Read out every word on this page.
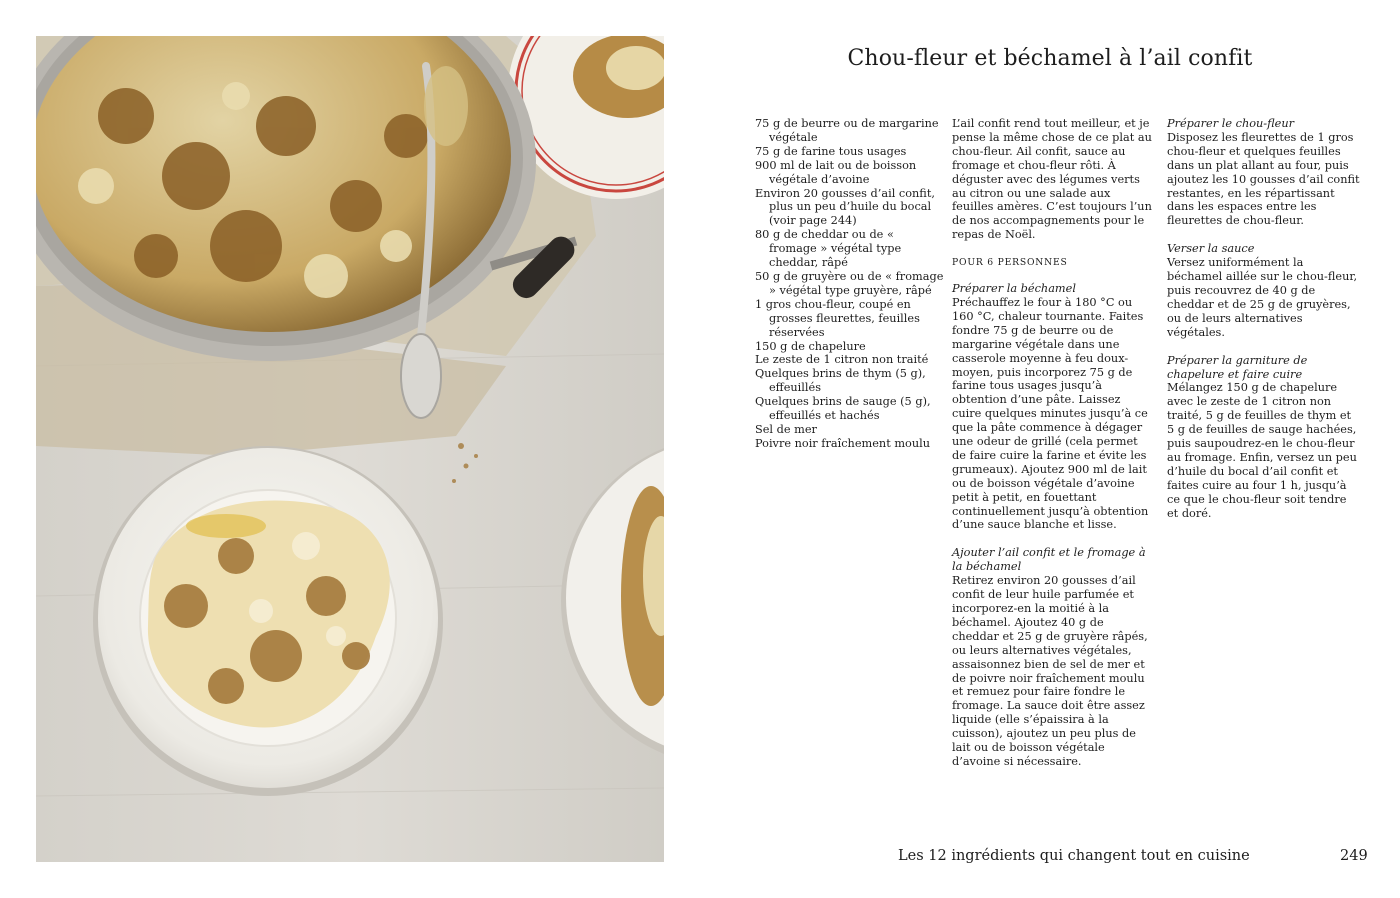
Chou-fleur et béchamel à l’ail confit
75 g de beurre ou de margarine végétale
75 g de farine tous usages
900 ml de lait ou de boisson végétale d’avoine
Environ 20 gousses d’ail confit, plus un peu d’huile du bocal (voir page 244)
80 g de cheddar ou de « fromage » végétal type cheddar, râpé
50 g de gruyère ou de « fromage » végétal type gruyère, râpé
1 gros chou-fleur, coupé en grosses fleurettes, feuilles réservées
150 g de chapelure
Le zeste de 1 citron non traité
Quelques brins de thym (5 g), effeuillés
Quelques brins de sauge (5 g), effeuillés et hachés
Sel de mer
Poivre noir fraîchement moulu

L’ail confit rend tout meilleur, et je pense la même chose de ce plat au chou-fleur. Ail confit, sauce au fromage et chou-fleur rôti. À déguster avec des légumes verts au citron ou une salade aux feuilles amères. C’est toujours l’un de nos accompagnements pour le repas de Noël.

POUR 6 PERSONNES

Préparer la béchamel

Préchauffez le four à 180 °C ou 160 °C, chaleur tournante. Faites fondre 75 g de beurre ou de margarine végétale dans une casserole moyenne à feu doux-moyen, puis incorporez 75 g de farine tous usages jusqu’à obtention d’une pâte. Laissez cuire quelques minutes jusqu’à ce que la pâte commence à dégager une odeur de grillé (cela permet de faire cuire la farine et évite les grumeaux). Ajoutez 900 ml de lait ou de boisson végétale d’avoine petit à petit, en fouettant continuellement jusqu’à obtention d’une sauce blanche et lisse.

Ajouter l’ail confit et le fromage à la béchamel

Retirez environ 20 gousses d’ail confit de leur huile parfumée et incorporez-en la moitié à la béchamel. Ajoutez 40 g de cheddar et 25 g de gruyère râpés, ou leurs alternatives végétales, assaisonnez bien de sel de mer et de poivre noir fraîchement moulu et remuez pour faire fondre le fromage. La sauce doit être assez liquide (elle s’épaissira à la cuisson), ajoutez un peu plus de lait ou de boisson végétale d’avoine si nécessaire.

Préparer le chou-fleur

Disposez les fleurettes de 1 gros chou-fleur et quelques feuilles dans un plat allant au four, puis ajoutez les 10 gousses d’ail confit restantes, en les répartissant dans les espaces entre les fleurettes de chou-fleur.

Verser la sauce

Versez uniformément la béchamel aillée sur le chou-fleur, puis recouvrez de 40 g de cheddar et de 25 g de gruyères, ou de leurs alternatives végétales.

Préparer la garniture de chapelure et faire cuire

Mélangez 150 g de chapelure avec le zeste de 1 citron non traité, 5 g de feuilles de thym et 5 g de feuilles de sauge hachées, puis saupoudrez-en le chou-fleur au fromage. Enfin, versez un peu d’huile du bocal d’ail confit et faites cuire au four 1 h, jusqu’à ce que le chou-fleur soit tendre et doré.

Les 12 ingrédients qui changent tout en cuisine	249
